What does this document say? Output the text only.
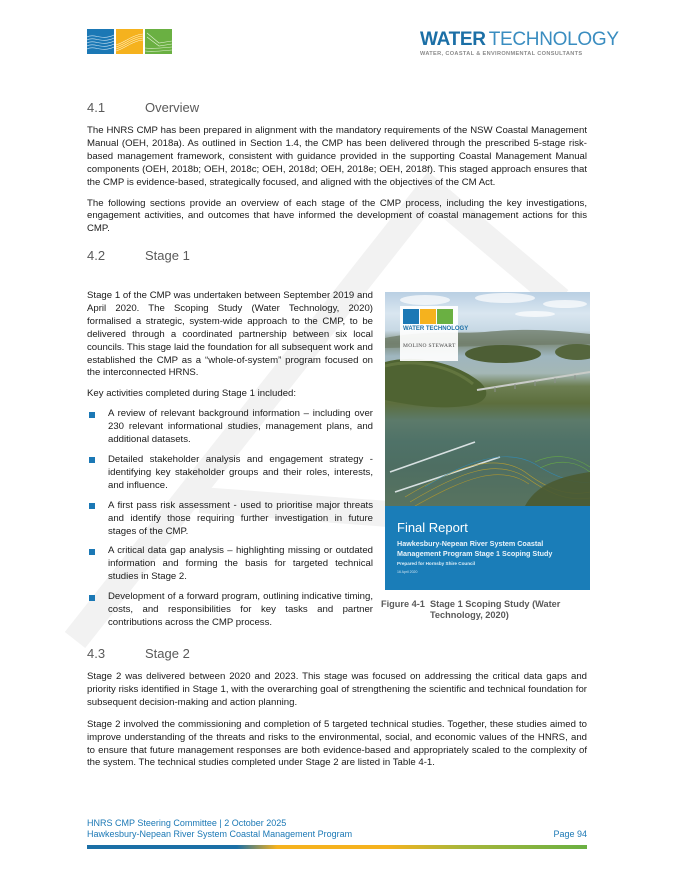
WATER TECHNOLOGY
WATER, COASTAL & ENVIRONMENTAL CONSULTANTS
4.1	Overview

The HNRS CMP has been prepared in alignment with the mandatory requirements of the NSW Coastal Management Manual (OEH, 2018a). As outlined in Section 1.4, the CMP has been delivered through the prescribed 5-stage risk-based management framework, consistent with guidance provided in the supporting Coastal Management Manual components (OEH, 2018b; OEH, 2018c; OEH, 2018d; OEH, 2018e; OEH, 2018f). This staged approach ensures that the CMP is evidence-based, strategically focused, and aligned with the objectives of the CM Act.

The following sections provide an overview of each stage of the CMP process, including the key investigations, engagement activities, and outcomes that have informed the development of coastal management actions for this CMP.

4.2	Stage 1

Stage 1 of the CMP was undertaken between September 2019 and April 2020. The Scoping Study (Water Technology, 2020) formalised a strategic, system-wide approach to the CMP, to be delivered through a coordinated partnership between six local councils. This stage laid the foundation for all subsequent work and established the CMP as a “whole-of-system” program focused on the interconnected HRNS.

Key activities completed during Stage 1 included:

A review of relevant background information – including over 230 relevant informational studies, management plans, and additional datasets.
Detailed stakeholder analysis and engagement strategy - identifying key stakeholder groups and their roles, interests, and influence.
A first pass risk assessment - used to prioritise major threats and identify those requiring further investigation in future stages of the CMP.
A critical data gap analysis – highlighting missing or outdated information and forming the basis for targeted technical studies in Stage 2.
Development of a forward program, outlining indicative timing, costs, and responsibilities for key tasks and partner contributions across the CMP process.
WATER TECHNOLOGY
MOLINO STEWART
Final Report
Hawkesbury-Nepean River System Coastal Management Program Stage 1 Scoping Study
Prepared for Hornsby Shire Council
16 April 2020
Figure 4-1 Stage 1 Scoping Study (Water Technology, 2020)
4.3	Stage 2

Stage 2 was delivered between 2020 and 2023. This stage was focused on addressing the critical data gaps and priority risks identified in Stage 1, with the overarching goal of strengthening the scientific and technical foundation for subsequent decision-making and action planning.

Stage 2 involved the commissioning and completion of 5 targeted technical studies. Together, these studies aimed to improve understanding of the threats and risks to the environmental, social, and economic values of the HNRS, and to ensure that future management responses are both evidence-based and appropriately scaled to the complexity of the system. The technical studies completed under Stage 2 are listed in Table 4-1.

HNRS CMP Steering Committee | 2 October 2025
Hawkesbury-Nepean River System Coastal Management Program	Page 94
